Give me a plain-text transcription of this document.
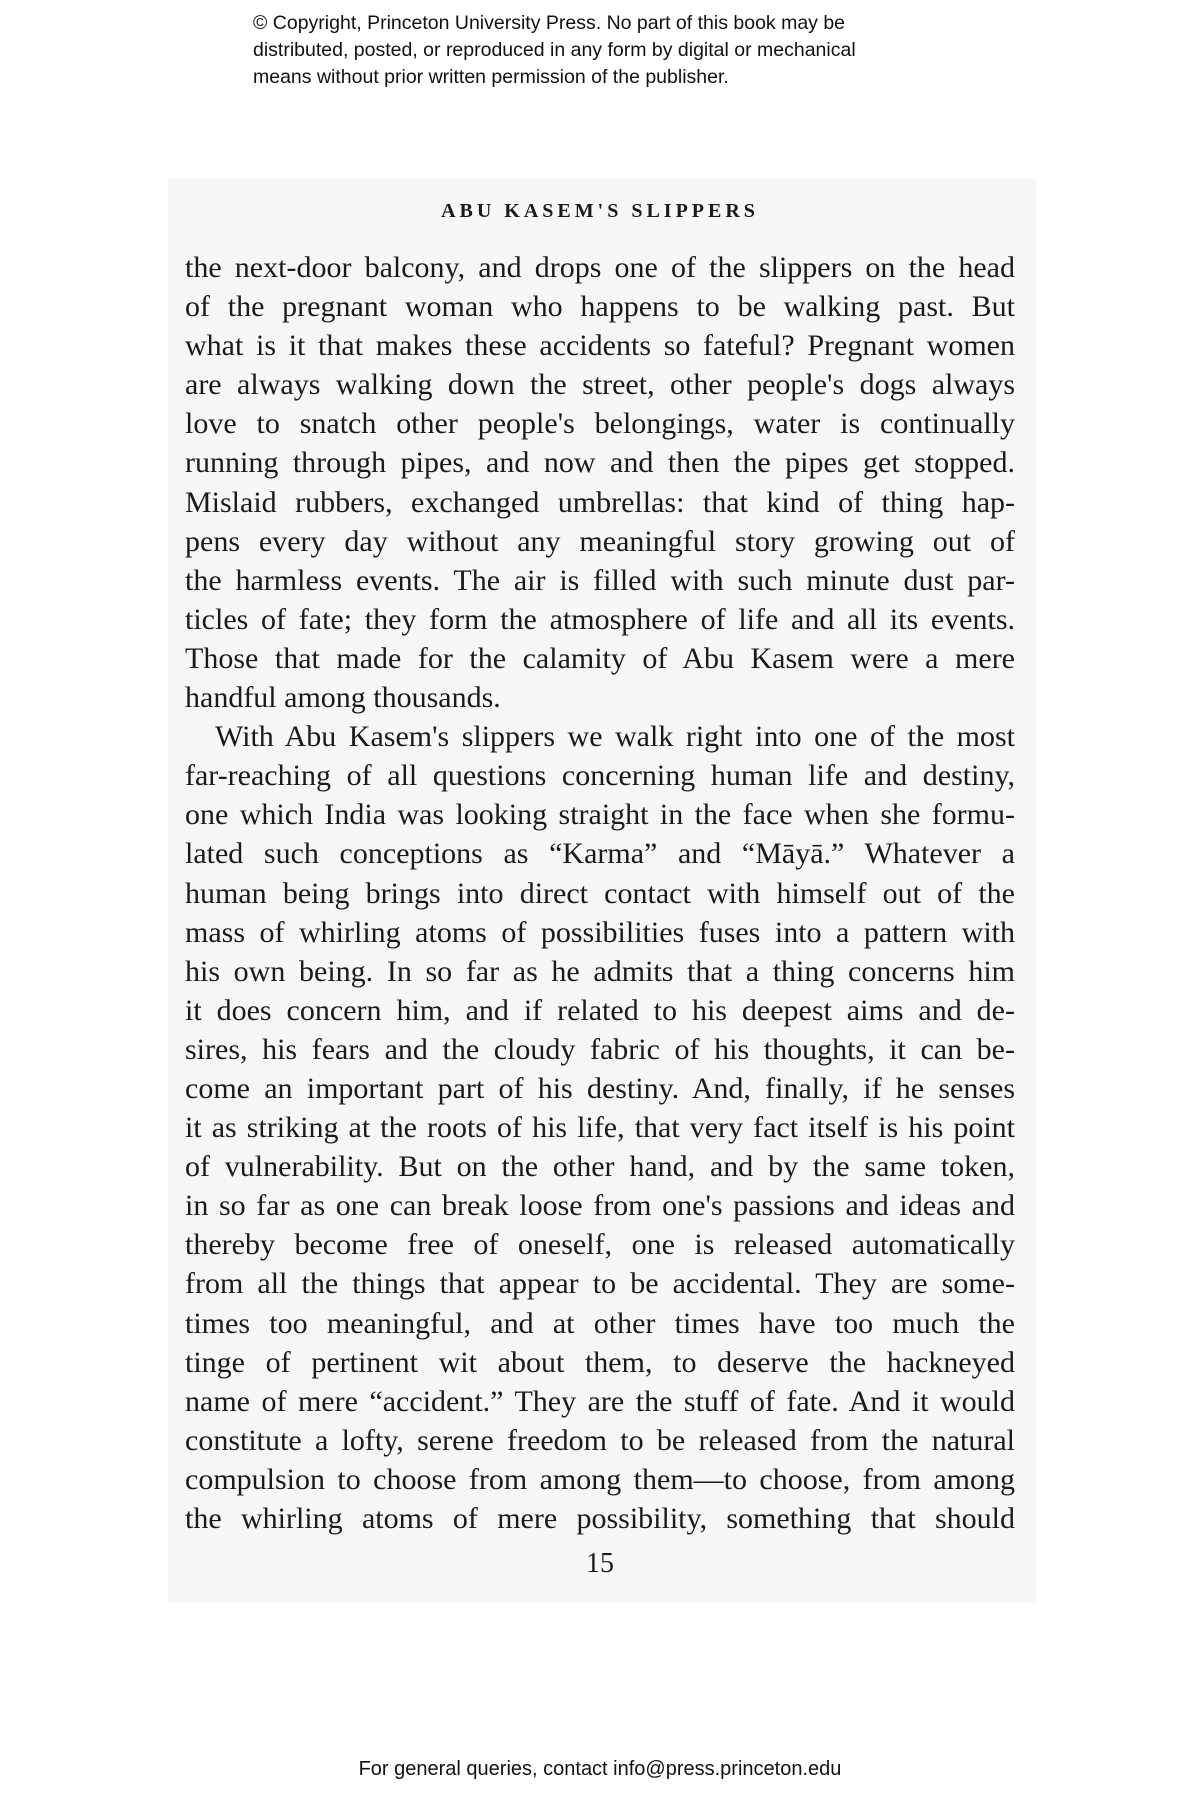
© Copyright, Princeton University Press. No part of this book may be
distributed, posted, or reproduced in any form by digital or mechanical
means without prior written permission of the publisher.
ABU KASEM'S SLIPPERS
the next-door balcony, and drops one of the slippers on the head
of the pregnant woman who happens to be walking past. But
what is it that makes these accidents so fateful? Pregnant women
are always walking down the street, other people's dogs always
love to snatch other people's belongings, water is continually
running through pipes, and now and then the pipes get stopped.
Mislaid rubbers, exchanged umbrellas: that kind of thing hap-
pens every day without any meaningful story growing out of
the harmless events. The air is filled with such minute dust par-
ticles of fate; they form the atmosphere of life and all its events.
Those that made for the calamity of Abu Kasem were a mere
handful among thousands.
With Abu Kasem's slippers we walk right into one of the most
far-reaching of all questions concerning human life and destiny,
one which India was looking straight in the face when she formu-
lated such conceptions as “Karma” and “Māyā.” Whatever a
human being brings into direct contact with himself out of the
mass of whirling atoms of possibilities fuses into a pattern with
his own being. In so far as he admits that a thing concerns him
it does concern him, and if related to his deepest aims and de-
sires, his fears and the cloudy fabric of his thoughts, it can be-
come an important part of his destiny. And, finally, if he senses
it as striking at the roots of his life, that very fact itself is his point
of vulnerability. But on the other hand, and by the same token,
in so far as one can break loose from one's passions and ideas and
thereby become free of oneself, one is released automatically
from all the things that appear to be accidental. They are some-
times too meaningful, and at other times have too much the
tinge of pertinent wit about them, to deserve the hackneyed
name of mere “accident.” They are the stuff of fate. And it would
constitute a lofty, serene freedom to be released from the natural
compulsion to choose from among them—to choose, from among
the whirling atoms of mere possibility, something that should
15
For general queries, contact info@press.princeton.edu
